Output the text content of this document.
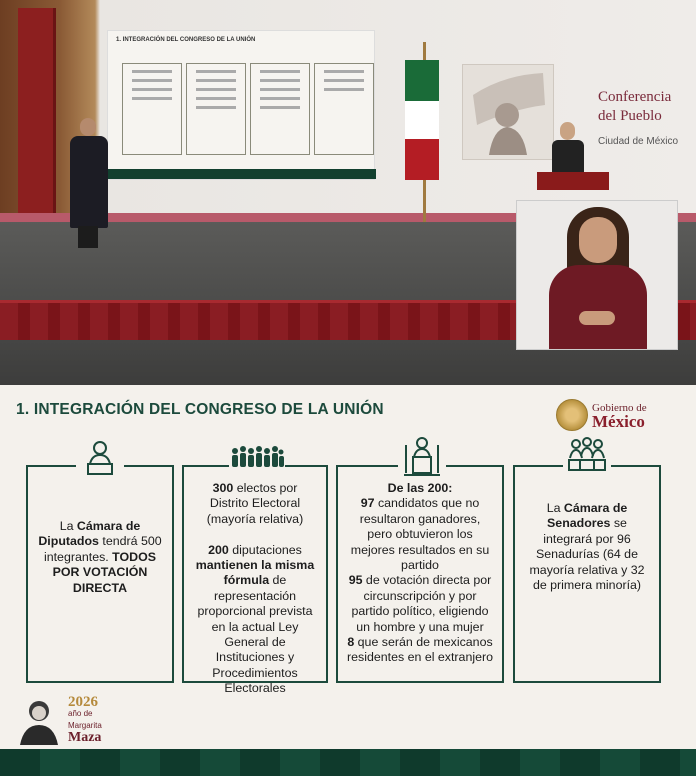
1. INTEGRACIÓN DEL CONGRESO DE LA UNIÓN
Conferencia
del Pueblo
Ciudad de México
1. INTEGRACIÓN DEL CONGRESO DE LA UNIÓN	Gobierno de
México
La Cámara de Diputados tendrá 500 integrantes. TODOS POR VOTACIÓN DIRECTA
300 electos por Distrito Electoral (mayoría relativa)

200 diputaciones mantienen la misma fórmula de representación proporcional prevista en la actual Ley General de Instituciones y Procedimientos Electorales
De las 200:
97 candidatos que no resultaron ganadores, pero obtuvieron los mejores resultados en su partido
95 de votación directa por circunscripción y por partido político, eligiendo un hombre y una mujer
8 que serán de mexicanos residentes en el extranjero
La Cámara de Senadores se integrará por 96 Senadurías (64 de mayoría relativa y 32 de primera minoría)
2026
año de
Margarita
Maza
